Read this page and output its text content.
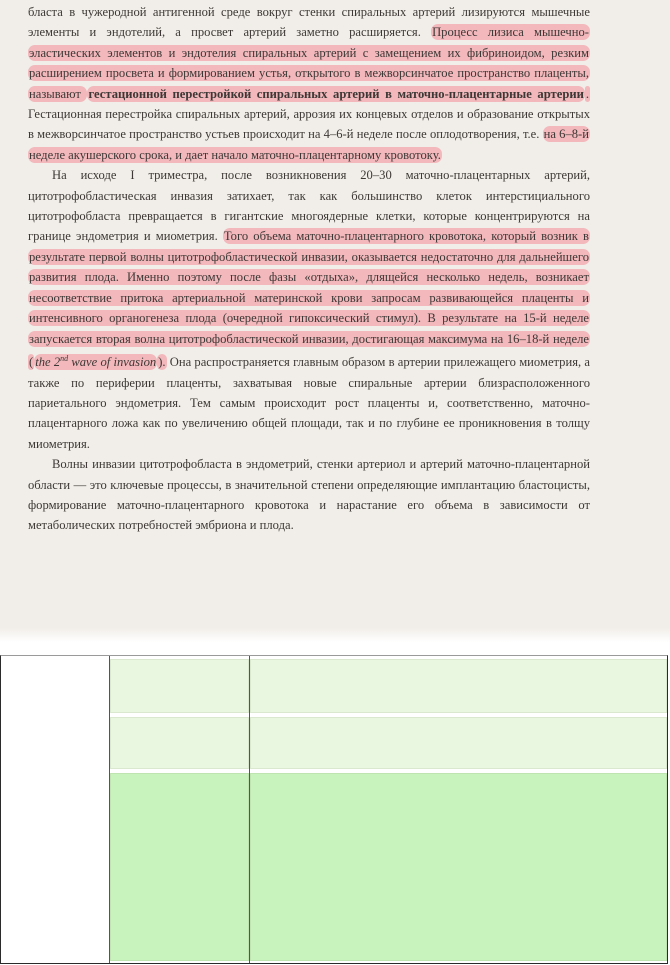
бласта в чужеродной антигенной среде вокруг стенки спиральных артерий лизируются мышечные элементы и эндотелий, а просвет артерий заметно расширяется. Процесс лизиса мышечно-эластических элементов и эндотелия спиральных артерий с замещением их фибриноидом, резким расширением просвета и формированием устья, открытого в межворсинчатое пространство плаценты, называют гестационной перестройкой спиральных артерий в маточно-плацентарные артерии . Гестационная перестройка спиральных артерий, аррозия их концевых отделов и образование открытых в межворсинчатое пространство устьев происходит на 4–6-й неделе после оплодотворения, т.е. на 6–8-й неделе акушерского срока, и дает начало маточно-плацентарному кровотоку.

На исходе I триместра, после возникновения 20–30 маточно-плацентарных артерий, цитотрофобластическая инвазия затихает, так как большинство клеток интерстициального цитотрофобласта превращается в гигантские многоядерные клетки, которые концентрируются на границе эндометрия и миометрия. Того объема маточно-плацентарного кровотока, который возник в результате первой волны цитотрофобластической инвазии, оказывается недостаточно для дальнейшего развития плода. Именно поэтому после фазы «отдыха», длящейся несколько недель, возникает несоответствие притока артериальной материнской крови запросам развивающейся плаценты и интенсивного органогенеза плода (очередной гипоксический стимул). В результате на 15-й неделе запускается вторая волна цитотрофобластической инвазии, достигающая максимума на 16–18-й неделе ( the 2nd wave of invasion ). Она распространяется главным образом в артерии прилежащего миометрия, а также по периферии плаценты, захватывая новые спиральные артерии близрасположенного париетального эндометрия. Тем самым происходит рост плаценты и, соответственно, маточно-плацентарного ложа как по увеличению общей площади, так и по глубине ее проникновения в толщу миометрия.

Волны инвазии цитотрофобласта в эндометрий, стенки артериол и артерий маточно-плацентарной области — это ключевые процессы, в значительной степени определяющие имплантацию бластоцисты, формирование маточно-плацентарного кровотока и нарастание его объема в зависимости от метаболических потребностей эмбриона и плода.
